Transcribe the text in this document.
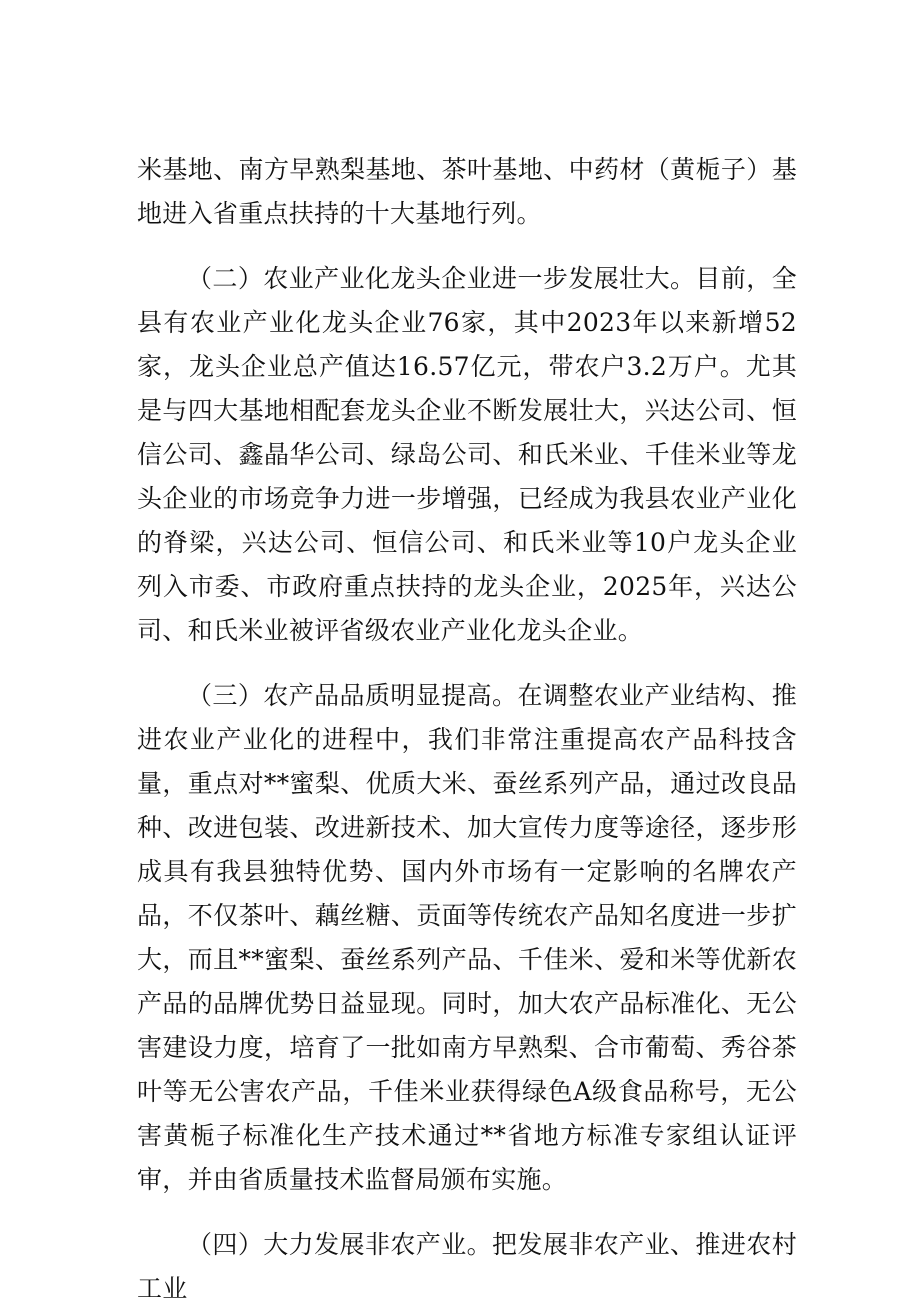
米基地、南方早熟梨基地、茶叶基地、中药材（黄栀子）基地进入省重点扶持的十大基地行列。

（二）农业产业化龙头企业进一步发展壮大。目前，全县有农业产业化龙头企业76家，其中2023年以来新增52家，龙头企业总产值达16.57亿元，带农户3.2万户。尤其是与四大基地相配套龙头企业不断发展壮大，兴达公司、恒信公司、鑫晶华公司、绿岛公司、和氏米业、千佳米业等龙头企业的市场竞争力进一步增强，已经成为我县农业产业化的脊梁，兴达公司、恒信公司、和氏米业等10户龙头企业列入市委、市政府重点扶持的龙头企业，2025年，兴达公司、和氏米业被评省级农业产业化龙头企业。

（三）农产品品质明显提高。在调整农业产业结构、推进农业产业化的进程中，我们非常注重提高农产品科技含量，重点对**蜜梨、优质大米、蚕丝系列产品，通过改良品种、改进包装、改进新技术、加大宣传力度等途径，逐步形成具有我县独特优势、国内外市场有一定影响的名牌农产品，不仅茶叶、藕丝糖、贡面等传统农产品知名度进一步扩大，而且**蜜梨、蚕丝系列产品、千佳米、爱和米等优新农产品的品牌优势日益显现。同时，加大农产品标准化、无公害建设力度，培育了一批如南方早熟梨、合市葡萄、秀谷茶叶等无公害农产品，千佳米业获得绿色A级食品称号，无公害黄栀子标准化生产技术通过**省地方标准专家组认证评审，并由省质量技术监督局颁布实施。

（四）大力发展非农产业。把发展非农产业、推进农村工业
